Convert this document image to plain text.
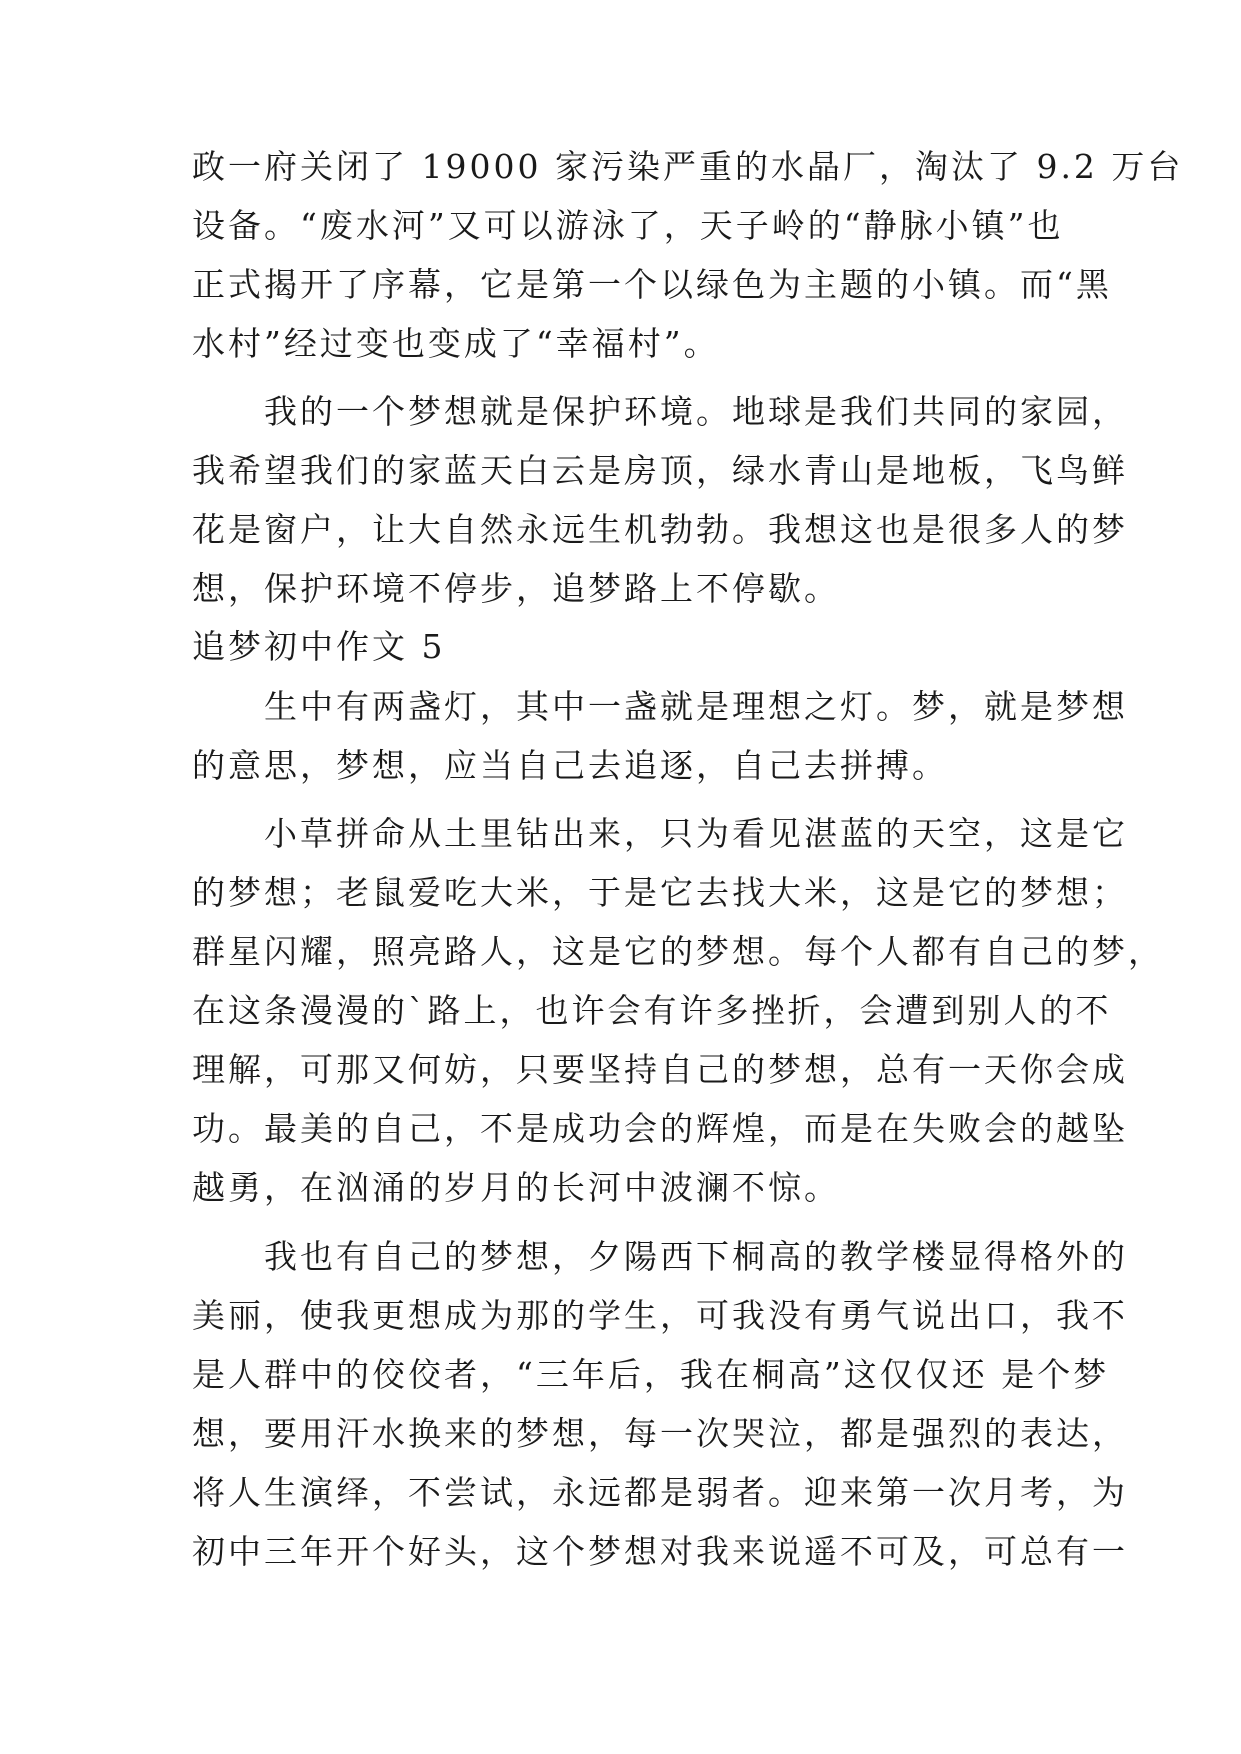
政一府关闭了 19000 家污染严重的水晶厂，淘汰了 9.2 万台
设备。“废水河”又可以游泳了，天子岭的“静脉小镇”也
正式揭开了序幕，它是第一个以绿色为主题的小镇。而“黑
水村”经过变也变成了“幸福村”。
　　我的一个梦想就是保护环境。地球是我们共同的家园，
我希望我们的家蓝天白云是房顶，绿水青山是地板，飞鸟鲜
花是窗户，让大自然永远生机勃勃。我想这也是很多人的梦
想，保护环境不停步，追梦路上不停歇。
追梦初中作文 5
　　生中有两盏灯，其中一盏就是理想之灯。梦，就是梦想
的意思，梦想，应当自己去追逐，自己去拼搏。
　　小草拼命从土里钻出来，只为看见湛蓝的天空，这是它
的梦想；老鼠爱吃大米，于是它去找大米，这是它的梦想；
群星闪耀，照亮路人，这是它的梦想。每个人都有自己的梦，
在这条漫漫的`路上，也许会有许多挫折，会遭到别人的不
理解，可那又何妨，只要坚持自己的梦想，总有一天你会成
功。最美的自己，不是成功会的辉煌，而是在失败会的越坠
越勇，在汹涌的岁月的长河中波澜不惊。
　　我也有自己的梦想，夕陽西下桐高的教学楼显得格外的
美丽，使我更想成为那的学生，可我没有勇气说出口，我不
是人群中的佼佼者，“三年后，我在桐高”这仅仅还 是个梦
想，要用汗水换来的梦想，每一次哭泣，都是强烈的表达，
将人生演绎，不尝试，永远都是弱者。迎来第一次月考，为
初中三年开个好头，这个梦想对我来说遥不可及，可总有一
